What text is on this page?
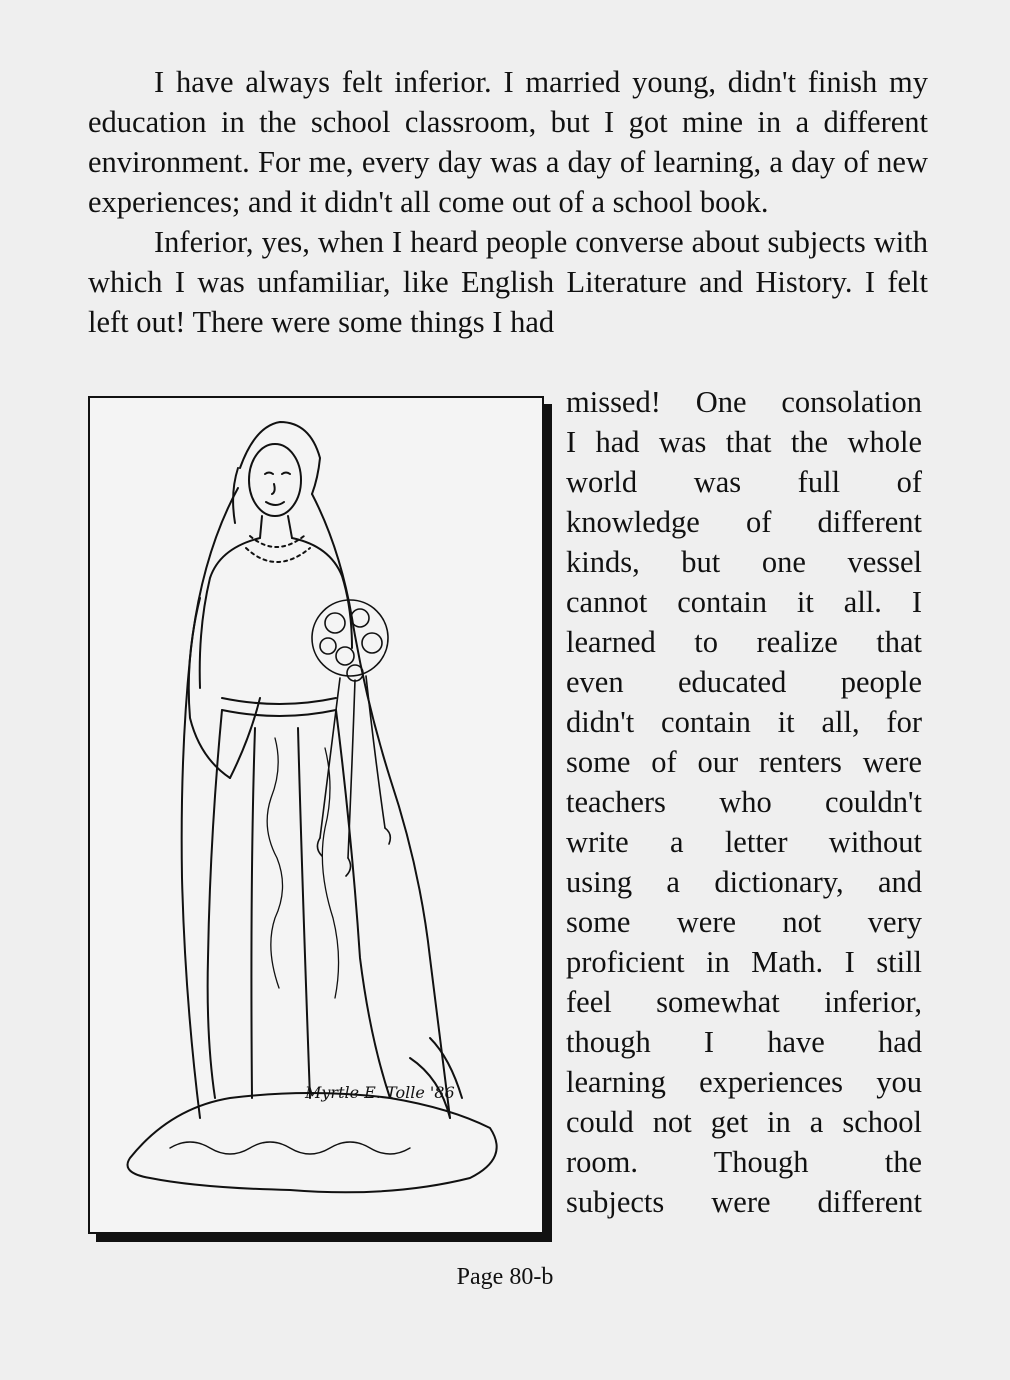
I have always felt inferior. I married young, didn't finish my education in the school classroom, but I got mine in a different environment. For me, every day was a day of learning, a day of new experiences; and it didn't all come out of a school book.

Inferior, yes, when I heard people converse about subjects with which I was unfamiliar, like English Literature and History. I felt left out! There were some things I had

Myrtle E. Tolle '86
missed! One consolation
I had was that the whole
world was full of
knowledge of different
kinds, but one vessel
cannot contain it all. I
learned to realize that
even educated people
didn't contain it all, for
some of our renters were
teachers who couldn't
write a letter without
using a dictionary, and
some were not very
proficient in Math. I still
feel somewhat inferior,
though I have had
learning experiences you
could not get in a school
room. Though the
subjects were different
Page 80-b
